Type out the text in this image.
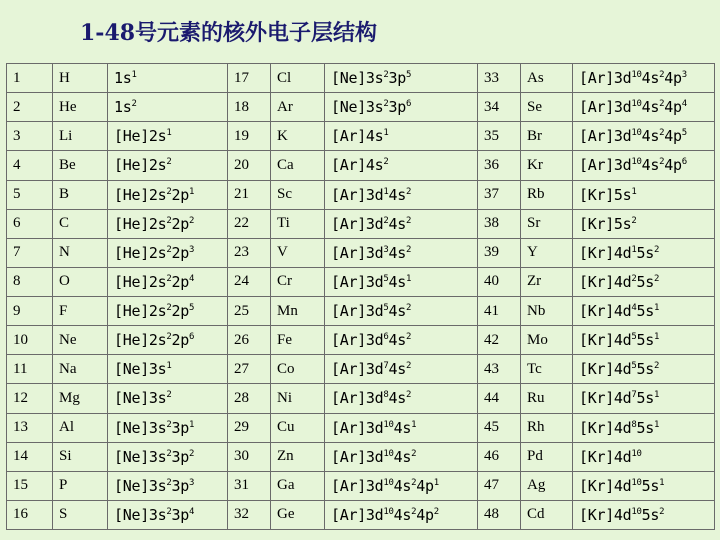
1-48号元素的核外电子层结构
1	H	$1s^1$	17	Cl	$[Ne]3s^23p^5$	33	As	$[Ar]3d^{10}4s^24p^3$
2	He	$1s^2$	18	Ar	$[Ne]3s^23p^6$	34	Se	$[Ar]3d^{10}4s^24p^4$
3	Li	$[He]2s^1$	19	K	$[Ar]4s^1$	35	Br	$[Ar]3d^{10}4s^24p^5$
4	Be	$[He]2s^2$	20	Ca	$[Ar]4s^2$	36	Kr	$[Ar]3d^{10}4s^24p^6$
5	B	$[He]2s^22p^1$	21	Sc	$[Ar]3d^14s^2$	37	Rb	$[Kr]5s^1$
6	C	$[He]2s^22p^2$	22	Ti	$[Ar]3d^24s^2$	38	Sr	$[Kr]5s^2$
7	N	$[He]2s^22p^3$	23	V	$[Ar]3d^34s^2$	39	Y	$[Kr]4d^15s^2$
8	O	$[He]2s^22p^4$	24	Cr	$[Ar]3d^54s^1$	40	Zr	$[Kr]4d^25s^2$
9	F	$[He]2s^22p^5$	25	Mn	$[Ar]3d^54s^2$	41	Nb	$[Kr]4d^45s^1$
10	Ne	$[He]2s^22p^6$	26	Fe	$[Ar]3d^64s^2$	42	Mo	$[Kr]4d^55s^1$
11	Na	$[Ne]3s^1$	27	Co	$[Ar]3d^74s^2$	43	Tc	$[Kr]4d^55s^2$
12	Mg	$[Ne]3s^2$	28	Ni	$[Ar]3d^84s^2$	44	Ru	$[Kr]4d^75s^1$
13	Al	$[Ne]3s^23p^1$	29	Cu	$[Ar]3d^{10}4s^1$	45	Rh	$[Kr]4d^85s^1$
14	Si	$[Ne]3s^23p^2$	30	Zn	$[Ar]3d^{10}4s^2$	46	Pd	$[Kr]4d^{10}$
15	P	$[Ne]3s^23p^3$	31	Ga	$[Ar]3d^{10}4s^24p^1$	47	Ag	$[Kr]4d^{10}5s^1$
16	S	$[Ne]3s^23p^4$	32	Ge	$[Ar]3d^{10}4s^24p^2$	48	Cd	$[Kr]4d^{10}5s^2$
